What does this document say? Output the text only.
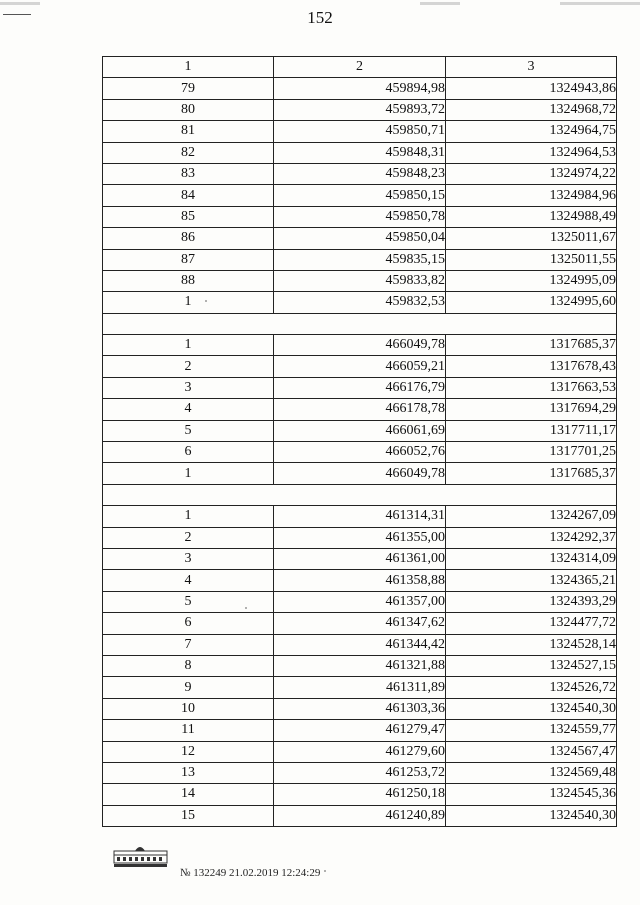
152
1	2	3
79	459894,98	1324943,86
80	459893,72	1324968,72
81	459850,71	1324964,75
82	459848,31	1324964,53
83	459848,23	1324974,22
84	459850,15	1324984,96
85	459850,78	1324988,49
86	459850,04	1325011,67
87	459835,15	1325011,55
88	459833,82	1324995,09
1	459832,53	1324995,60

1	466049,78	1317685,37
2	466059,21	1317678,43
3	466176,79	1317663,53
4	466178,78	1317694,29
5	466061,69	1317711,17
6	466052,76	1317701,25
1	466049,78	1317685,37

1	461314,31	1324267,09
2	461355,00	1324292,37
3	461361,00	1324314,09
4	461358,88	1324365,21
5	461357,00	1324393,29
6	461347,62	1324477,72
7	461344,42	1324528,14
8	461321,88	1324527,15
9	461311,89	1324526,72
10	461303,36	1324540,30
11	461279,47	1324559,77
12	461279,60	1324567,47
13	461253,72	1324569,48
14	461250,18	1324545,36
15	461240,89	1324540,30
№ 132249 21.02.2019 12:24:29
